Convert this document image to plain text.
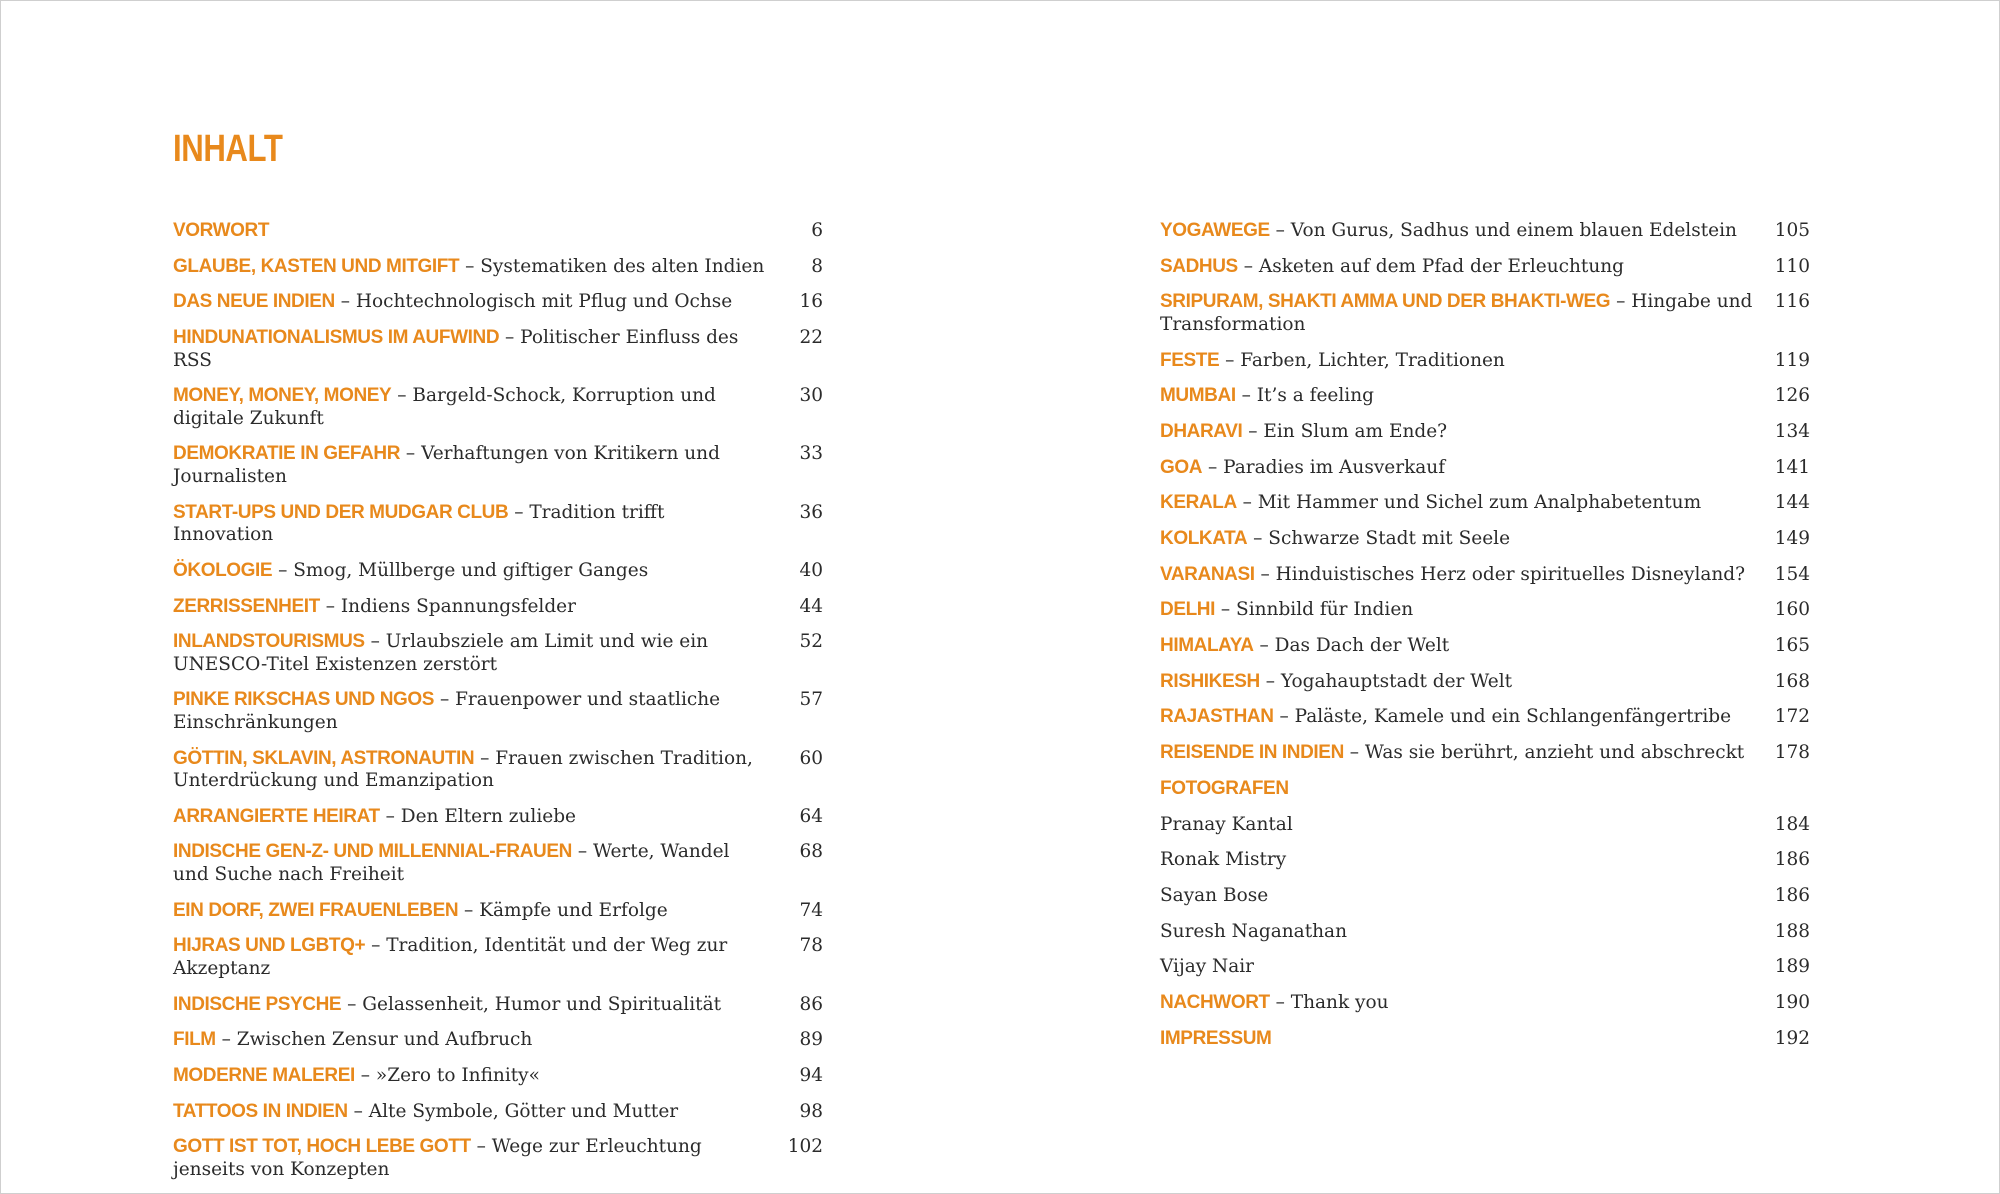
INHALT
VORWORT	6
GLAUBE, KASTEN UND MITGIFT – Systematiken des alten Indien	8
DAS NEUE INDIEN – Hochtechnologisch mit Pflug und Ochse	16
HINDUNATIONALISMUS IM AUFWIND – Politischer Einfluss des RSS
22
MONEY, MONEY, MONEY – Bargeld-Schock, Korruption und digitale Zukunft
30
DEMOKRATIE IN GEFAHR – Verhaftungen von Kritikern und Journalisten
33
START-UPS UND DER MUDGAR CLUB – Tradition trifft Innovation
36
ÖKOLOGIE – Smog, Müllberge und giftiger Ganges	40
ZERRISSENHEIT – Indiens Spannungsfelder	44
INLANDSTOURISMUS – Urlaubsziele am Limit und wie ein UNESCO-Titel Existenzen zerstört
52
PINKE RIKSCHAS UND NGOS – Frauenpower und staatliche Einschränkungen
57
GÖTTIN, SKLAVIN, ASTRONAUTIN – Frauen zwischen Tradition, Unterdrückung und Emanzipation
60
ARRANGIERTE HEIRAT – Den Eltern zuliebe	64
INDISCHE GEN-Z- UND MILLENNIAL-FRAUEN – Werte, Wandel und Suche nach Freiheit
68
EIN DORF, ZWEI FRAUENLEBEN – Kämpfe und Erfolge	74
HIJRAS UND LGBTQ+ – Tradition, Identität und der Weg zur Akzeptanz
78
INDISCHE PSYCHE – Gelassenheit, Humor und Spiritualität	86
FILM – Zwischen Zensur und Aufbruch	89
MODERNE MALEREI – »Zero to Infinity«	94
TATTOOS IN INDIEN – Alte Symbole, Götter und Mutter	98
GOTT IST TOT, HOCH LEBE GOTT – Wege zur Erleuchtung jenseits von Konzepten
102
YOGAWEGE – Von Gurus, Sadhus und einem blauen Edelstein 105
SADHUS – Asketen auf dem Pfad der Erleuchtung	110
SRIPURAM, SHAKTI AMMA UND DER BHAKTI-WEG – Hingabe und Transformation
116
FESTE – Farben, Lichter, Traditionen	119
MUMBAI – It’s a feeling	126
DHARAVI – Ein Slum am Ende?	134
GOA – Paradies im Ausverkauf	141
KERALA – Mit Hammer und Sichel zum Analphabetentum	144
KOLKATA – Schwarze Stadt mit Seele	149
VARANASI – Hinduistisches Herz oder spirituelles Disneyland? 154
DELHI – Sinnbild für Indien	160
HIMALAYA – Das Dach der Welt	165
RISHIKESH – Yogahauptstadt der Welt	168
RAJASTHAN – Paläste, Kamele und ein Schlangenfängertribe 172
REISENDE IN INDIEN – Was sie berührt, anzieht und abschreckt 178
FOTOGRAFEN
Pranay Kantal	184
Ronak Mistry	186
Sayan Bose	186
Suresh Naganathan	188
Vijay Nair	189
NACHWORT – Thank you	190
IMPRESSUM	192
